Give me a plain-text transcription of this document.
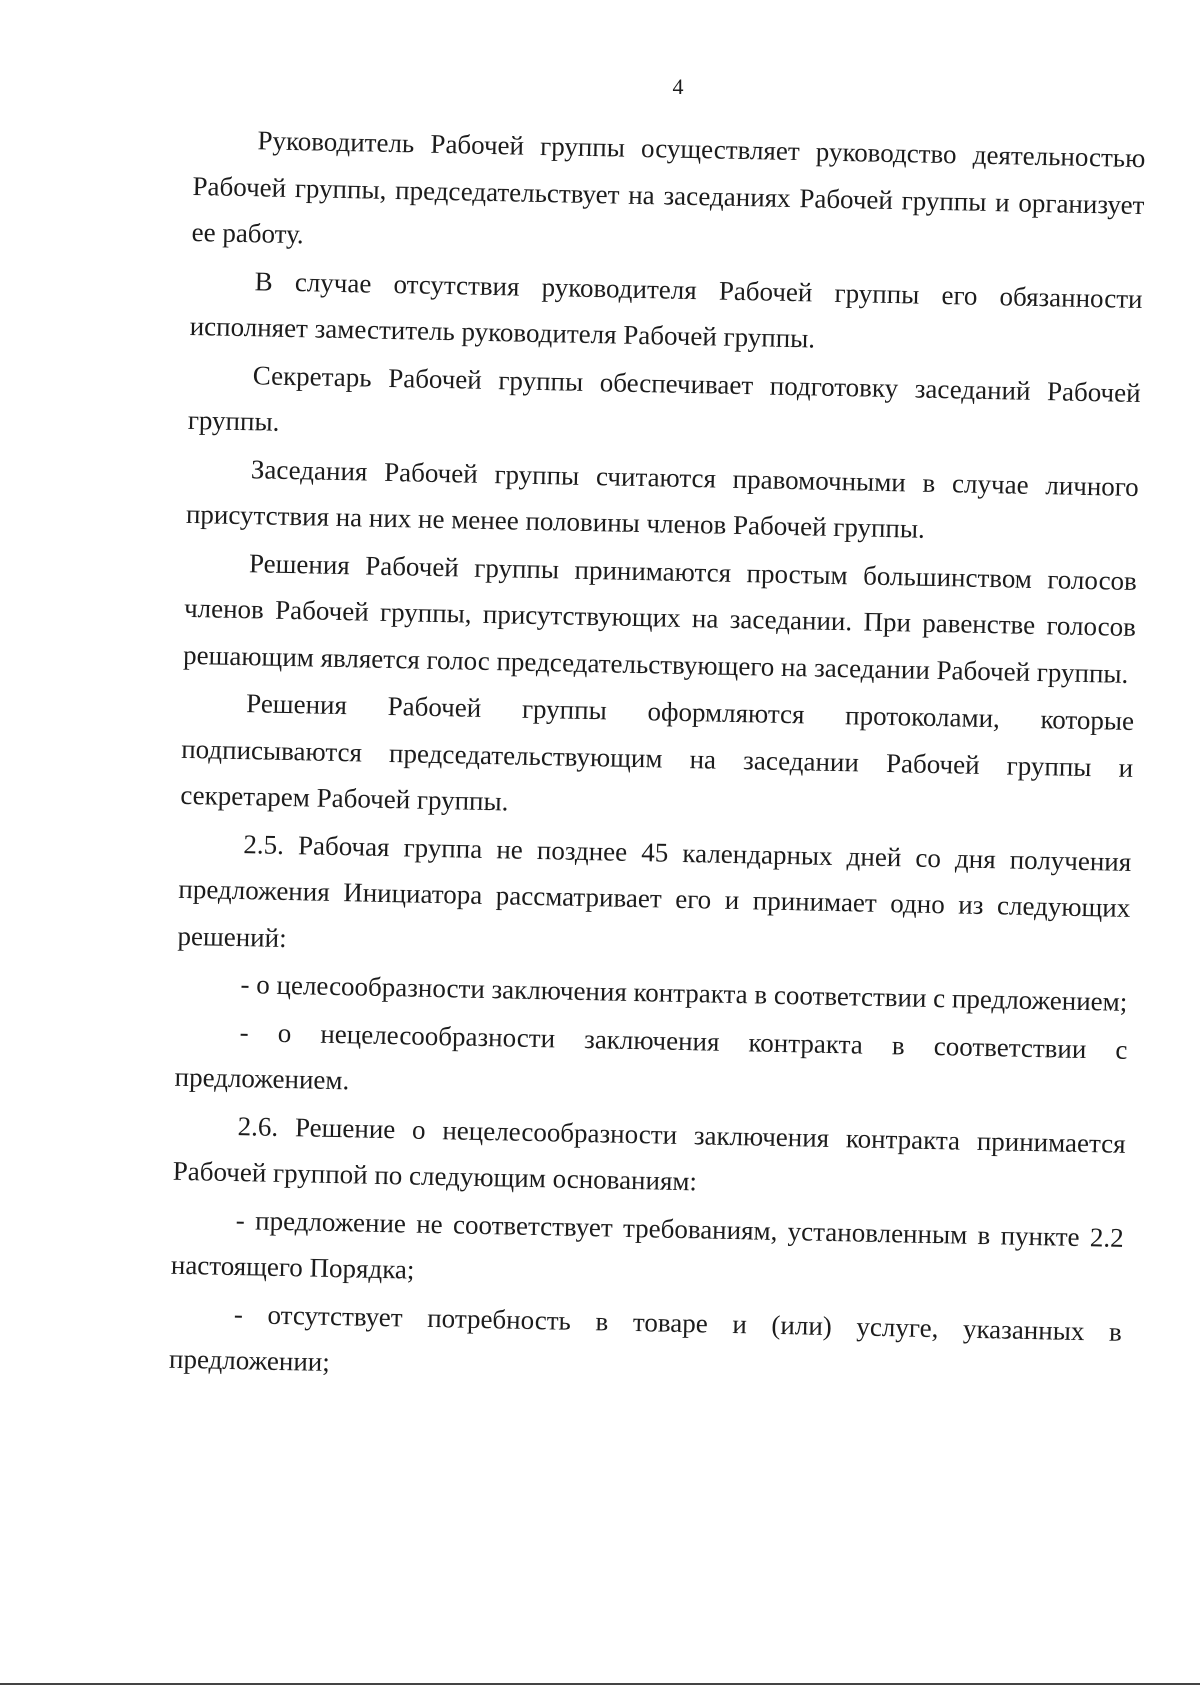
4

Руководитель Рабочей группы осуществляет руководство деятельностью Рабочей группы, председательствует на заседаниях Рабочей группы и организует ее работу.

В случае отсутствия руководителя Рабочей группы его обязанности исполняет заместитель руководителя Рабочей группы.

Секретарь Рабочей группы обеспечивает подготовку заседаний Рабочей группы.

Заседания Рабочей группы считаются правомочными в случае личного присутствия на них не менее половины членов Рабочей группы.

Решения Рабочей группы принимаются простым большинством голосов членов Рабочей группы, присутствующих на заседании. При равенстве голосов решающим является голос председательствующего на заседании Рабочей группы.

Решения Рабочей группы оформляются протоколами, которые подписываются председательствующим на заседании Рабочей группы и секретарем Рабочей группы.

2.5. Рабочая группа не позднее 45 календарных дней со дня получения предложения Инициатора рассматривает его и принимает одно из следующих решений:

- о целесообразности заключения контракта в соответствии с предложением;

- о нецелесообразности заключения контракта в соответствии с предложением.

2.6. Решение о нецелесообразности заключения контракта принимается Рабочей группой по следующим основаниям:

- предложение не соответствует требованиям, установленным в пункте 2.2 настоящего Порядка;

- отсутствует потребность в товаре и (или) услуге, указанных в предложении;
